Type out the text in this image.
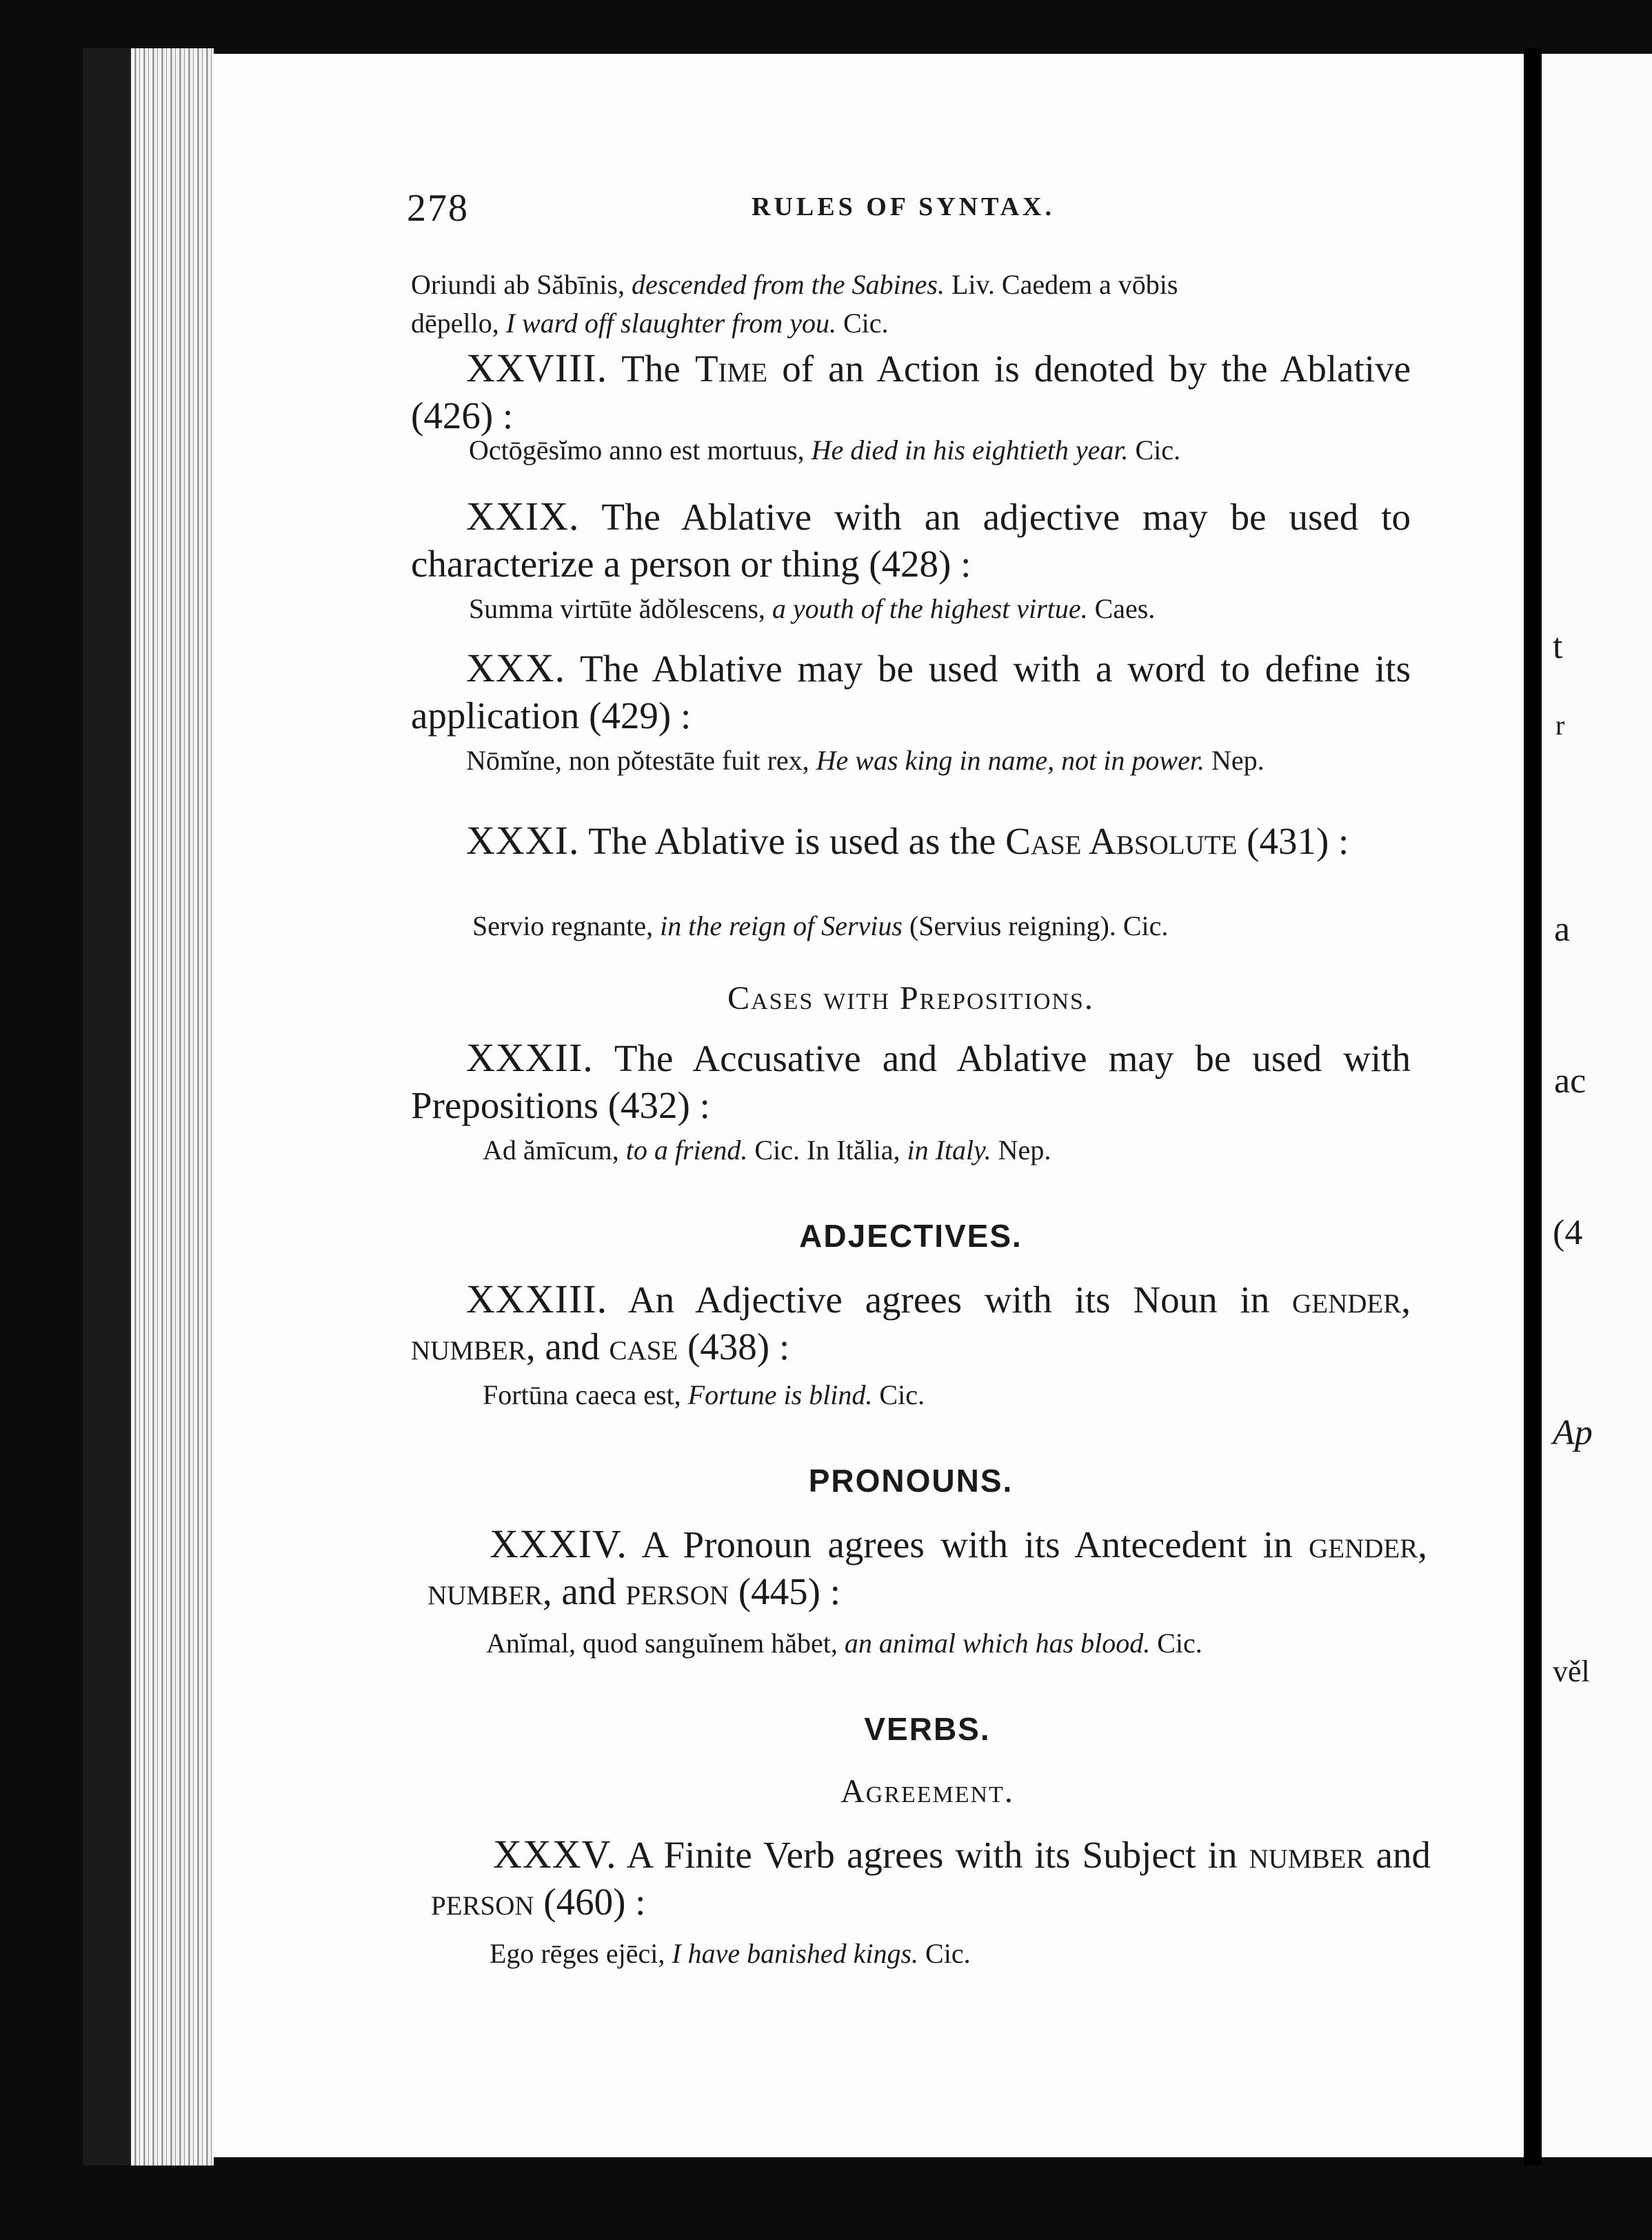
t
r
a
ac
(4
Ap
věl
278	RULES OF SYNTAX.
Oriundi ab Săbīnis, descended from the Sabines. Liv. Caedem a vōbis
dēpello, I ward off slaughter from you. Cic.
XXVIII. The Time of an Action is denoted by the Ablative (426) :
Octōgēsĭmo anno est mortuus, He died in his eightieth year. Cic.
XXIX. The Ablative with an adjective may be used to characterize a person or thing (428) :
Summa virtūte ădŏlescens, a youth of the highest virtue. Caes.
XXX. The Ablative may be used with a word to define its application (429) :
Nōmĭne, non pŏtestāte fuit rex, He was king in name, not in power. Nep.
XXXI. The Ablative is used as the Case Absolute (431) :
Servio regnante, in the reign of Servius (Servius reigning). Cic.
Cases with Prepositions.
XXXII. The Accusative and Ablative may be used with Prepositions (432) :
Ad ămīcum, to a friend. Cic. In Itălia, in Italy. Nep.
ADJECTIVES.
XXXIII. An Adjective agrees with its Noun in gender, number, and case (438) :
Fortūna caeca est, Fortune is blind. Cic.
PRONOUNS.
XXXIV. A Pronoun agrees with its Antecedent in gender, number, and person (445) :
Anĭmal, quod sanguĭnem hăbet, an animal which has blood. Cic.
VERBS.
Agreement.
XXXV. A Finite Verb agrees with its Subject in number and person (460) :
Ego rēges ejēci, I have banished kings. Cic.
